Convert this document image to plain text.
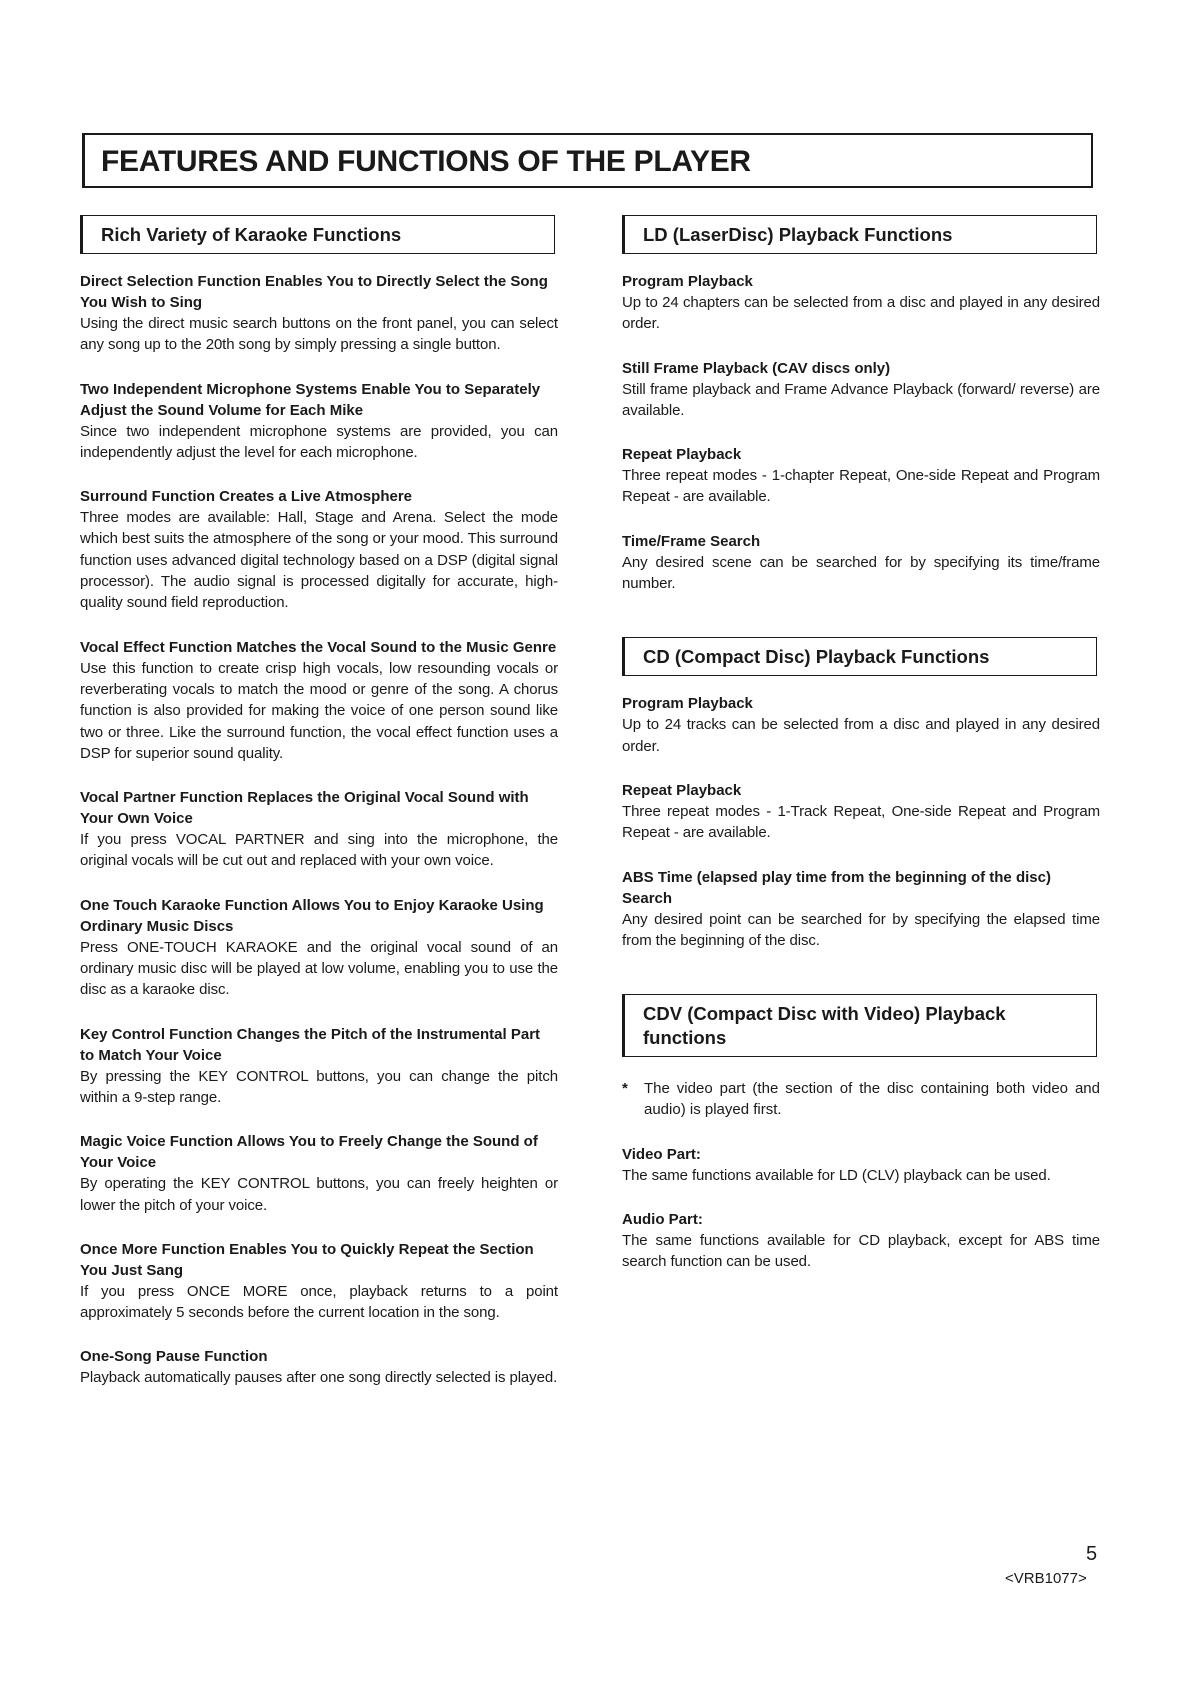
FEATURES AND FUNCTIONS OF THE PLAYER
Rich Variety of Karaoke Functions

Direct Selection Function Enables You to Directly Select the Song You Wish to Sing

Using the direct music search buttons on the front panel, you can select any song up to the 20th song by simply pressing a single button.

Two Independent Microphone Systems Enable You to Separately Adjust the Sound Volume for Each Mike

Since two independent microphone systems are provided, you can independently adjust the level for each microphone.

Surround Function Creates a Live Atmosphere

Three modes are available: Hall, Stage and Arena. Select the mode which best suits the atmosphere of the song or your mood. This surround function uses advanced digital technology based on a DSP (digital signal processor). The audio signal is processed digitally for accurate, high-quality sound field reproduction.

Vocal Effect Function Matches the Vocal Sound to the Music Genre

Use this function to create crisp high vocals, low resounding vocals or reverberating vocals to match the mood or genre of the song. A chorus function is also provided for making the voice of one person sound like two or three. Like the surround function, the vocal effect function uses a DSP for superior sound quality.

Vocal Partner Function Replaces the Original Vocal Sound with Your Own Voice

If you press VOCAL PARTNER and sing into the microphone, the original vocals will be cut out and replaced with your own voice.

One Touch Karaoke Function Allows You to Enjoy Karaoke Using Ordinary Music Discs

Press ONE-TOUCH KARAOKE and the original vocal sound of an ordinary music disc will be played at low volume, enabling you to use the disc as a karaoke disc.

Key Control Function Changes the Pitch of the Instrumental Part to Match Your Voice

By pressing the KEY CONTROL buttons, you can change the pitch within a 9-step range.

Magic Voice Function Allows You to Freely Change the Sound of Your Voice

By operating the KEY CONTROL buttons, you can freely heighten or lower the pitch of your voice.

Once More Function Enables You to Quickly Repeat the Section You Just Sang

If you press ONCE MORE once, playback returns to a point approximately 5 seconds before the current location in the song.

One-Song Pause Function

Playback automatically pauses after one song directly selected is played.

LD (LaserDisc) Playback Functions

Program Playback

Up to 24 chapters can be selected from a disc and played in any desired order.

Still Frame Playback (CAV discs only)

Still frame playback and Frame Advance Playback (forward/ reverse) are available.

Repeat Playback

Three repeat modes - 1-chapter Repeat, One-side Repeat and Program Repeat - are available.

Time/Frame Search

Any desired scene can be searched for by specifying its time/frame number.

CD (Compact Disc) Playback Functions

Program Playback

Up to 24 tracks can be selected from a disc and played in any desired order.

Repeat Playback

Three repeat modes - 1-Track Repeat, One-side Repeat and Program Repeat - are available.

ABS Time (elapsed play time from the beginning of the disc) Search

Any desired point can be searched for by specifying the elapsed time from the beginning of the disc.

CDV (Compact Disc with Video) Playback functions
*	The video part (the section of the disc containing both video and audio) is played first.

Video Part:

The same functions available for LD (CLV) playback can be used.

Audio Part:

The same functions available for CD playback, except for ABS time search function can be used.

5
<VRB1077>
